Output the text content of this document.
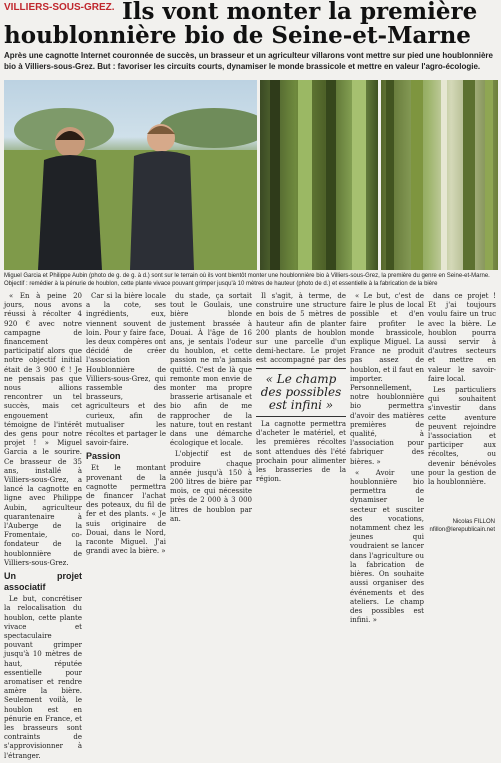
VILLIERS-SOUS-GREZ. Ils vont monter la première
houblonnière bio de Seine-et-Marne
Après une cagnotte Internet couronnée de succès, un brasseur et un agriculteur villarons vont mettre sur pied une houblonnière bio à Villiers-sous-Grez. But : favoriser les circuits courts, dynamiser le monde brassicole et mettre en valeur l'agro-écologie.
Miguel Garcia et Philippe Aubin (photo de g. de g. à d.) sont sur le terrain où ils vont bientôt monter une houblonnière bio à Villiers-sous-Grez, la première du genre en Seine-et-Marne. Objectif : remédier à la pénurie de houblon, cette plante vivace pouvant grimper jusqu'à 10 mètres de hauteur (photo de d.) et essentielle à la fabrication de la bière

« En à peine 20 jours, nous avons réussi à récolter 4 920 € avec notre campagne de financement participatif alors que notre objectif initial était de 3 900 € ! Je ne pensais pas que nous allions rencontrer un tel succès, mais cet engouement témoigne de l'intérêt des gens pour notre projet ! » Miguel Garcia a le sourire. Ce brasseur de 35 ans, installé à Villiers-sous-Grez, a lancé la cagnotte en ligne avec Philippe Aubin, agriculteur quarantenaire à l'Auberge de la Fromentaie, co-fondateur de la houblonnière de Villiers-sous-Grez.

Un projet associatif

Le but, concrétiser la relocalisation du houblon, cette plante vivace et spectaculaire pouvant grimper jusqu'à 10 mètres de haut, réputée essentielle pour aromatiser et rendre amère la bière. Seulement voilà, le houblon est en pénurie en France, et les brasseurs sont contraints de s'approvisionner à l'étranger.

Car si la bière locale a la cote, ses ingrédients, eux, viennent souvent de loin. Pour y faire face, les deux compères ont décidé de créer l'association Houblonnière de Villiers-sous-Grez, qui rassemble des brasseurs, agriculteurs et des curieux, afin de mutualiser les récoltes et partager le savoir-faire.

Passion

Et le montant provenant de la cagnotte permettra de financer l'achat des poteaux, du fil de fer et des plants. « Je suis originaire de Douai, dans le Nord, raconte Miguel. J'ai grandi avec la bière. »

du stade, ça sortait tout le Goulais, une bière blonde justement brassée à Douai. À l'âge de 16 ans, je sentais l'odeur du houblon, et cette passion ne m'a jamais quitté. C'est de là que remonte mon envie de monter ma propre brasserie artisanale et bio afin de me rapprocher de la nature, tout en restant dans une démarche écologique et locale.

L'objectif est de produire chaque année jusqu'à 150 à 200 litres de bière par mois, ce qui nécessite près de 2 000 à 3 000 litres de houblon par an.

Il s'agit, à terme, de construire une structure en bois de 5 mètres de hauteur afin de planter 200 plants de houblon sur une parcelle d'un demi-hectare. Le projet est accompagné par des

« Le champ des possibles est infini »

La cagnotte permettra d'acheter le matériel, et les premières récoltes sont attendues dès l'été prochain pour alimenter les brasseries de la région.

« Le but, c'est de faire le plus de local possible et d'en faire profiter le monde brassicole, explique Miguel. La France ne produit pas assez de houblon, et il faut en importer. Personnellement, notre houblonnière bio permettra d'avoir des matières premières de qualité, à l'association pour fabriquer des bières. »

« Avoir une houblonnière bio permettra de dynamiser le secteur et susciter des vocations, notamment chez les jeunes qui voudraient se lancer dans l'agriculture ou la fabrication de bières. On souhaite aussi organiser des événements et des ateliers. Le champ des possibles est infini. »

dans ce projet ! Et j'ai toujours voulu faire un truc avec la bière. Le houblon pourra aussi servir à d'autres secteurs et mettre en valeur le savoir-faire local.

Les particuliers qui souhaitent s'investir dans cette aventure peuvent rejoindre l'association et participer aux récoltes, ou devenir bénévoles pour la gestion de la houblonnière.

Nicolas FILLON
nfillon@lerepublicain.net
